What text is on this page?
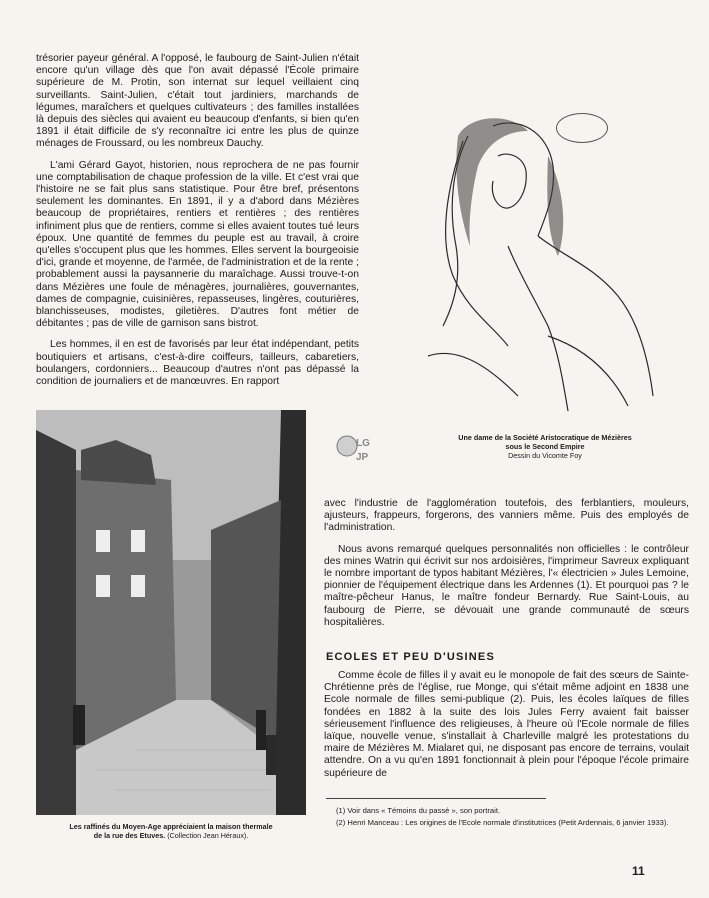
trésorier payeur général. A l'opposé, le faubourg de Saint-Julien n'était encore qu'un village dès que l'on avait dépassé l'École primaire supérieure de M. Protin, son internat sur lequel veillaient cinq surveillants. Saint-Julien, c'était tout jardiniers, marchands de légumes, maraîchers et quelques cultivateurs ; des familles installées là depuis des siècles qui avaient eu beaucoup d'enfants, si bien qu'en 1891 il était difficile de s'y reconnaître ici entre les plus de quinze ménages de Froussard, ou les nombreux Dauchy.

L'ami Gérard Gayot, historien, nous reprochera de ne pas fournir une comptabilisation de chaque profession de la ville. Et c'est vrai que l'histoire ne se fait plus sans statistique. Pour être bref, présentons seulement les dominantes. En 1891, il y a d'abord dans Mézières beaucoup de propriétaires, rentiers et rentières ; des rentières infiniment plus que de rentiers, comme si elles avaient toutes tué leurs époux. Une quantité de femmes du peuple est au travail, à croire qu'elles s'occupent plus que les hommes. Elles servent la bourgeoisie d'ici, grande et moyenne, de l'armée, de l'administration et de la rente ; probablement aussi la paysannerie du maraîchage. Aussi trouve-t-on dans Mézières une foule de ménagères, journalières, gouvernantes, dames de compagnie, cuisinières, repasseuses, lingères, couturières, blanchisseuses, modistes, giletières. D'autres font métier de débitantes ; pas de ville de garnison sans bistrot.

Les hommes, il en est de favorisés par leur état indépendant, petits boutiquiers et artisans, c'est-à-dire coiffeurs, tailleurs, cabaretiers, boulangers, cordonniers... Beaucoup d'autres n'ont pas dépassé la condition de journaliers et de manœuvres. En rapport

Une dame de la Société Aristocratique de Mézières
sous le Second Empire
Dessin du Vicomte Foy
LG
JP
Les raffinés du Moyen-Age appréciaient la maison thermale
de la rue des Etuves. (Collection Jean Héraux).

avec l'industrie de l'agglomération toutefois, des ferblantiers, mouleurs, ajusteurs, frappeurs, forgerons, des vanniers même. Puis des employés de l'administration.

Nous avons remarqué quelques personnalités non officielles : le contrôleur des mines Watrin qui écrivit sur nos ardoisières, l'imprimeur Savreux expliquant le nombre important de typos habitant Mézières, l'« électricien » Jules Lemoine, pionnier de l'équipement électrique dans les Ardennes (1). Et pourquoi pas ? le maître-pêcheur Hanus, le maître fondeur Bernardy. Rue Saint-Louis, au faubourg de Pierre, se dévouait une grande communauté de sœurs hospitalières.

ECOLES ET PEU D'USINES

Comme école de filles il y avait eu le monopole de fait des sœurs de Sainte-Chrétienne près de l'église, rue Monge, qui s'était même adjoint en 1838 une Ecole normale de filles semi-publique (2). Puis, les écoles laïques de filles fondées en 1882 à la suite des lois Jules Ferry avaient fait baisser sérieusement l'influence des religieuses, à l'heure où l'Ecole normale de filles laïque, nouvelle venue, s'installait à Charleville malgré les protestations du maire de Mézières M. Mialaret qui, ne disposant pas encore de terrains, voulait attendre. On a vu qu'en 1891 fonctionnait à plein pour l'époque l'école primaire supérieure de

(1) Voir dans « Témoins du passé », son portrait.

(2) Henri Manceau : Les origines de l'Ecole normale d'institutrices (Petit Ardennais, 6 janvier 1933).

11
